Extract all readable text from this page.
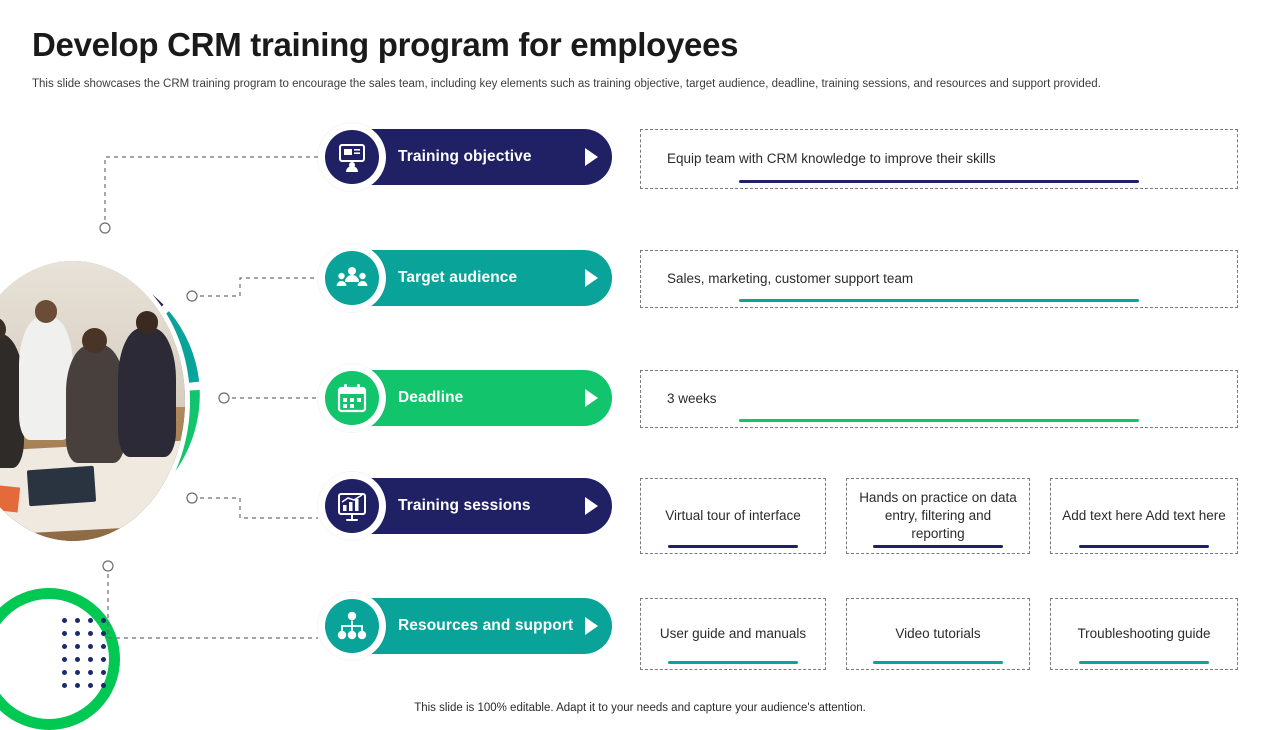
Develop CRM training program for employees
This slide showcases the CRM training program to encourage the sales team, including key elements such as training objective, target audience, deadline, training sessions, and resources and support provided.
Training objective
Target audience
Deadline
Training sessions
Resources and support
This slide is 100% editable. Adapt it to your needs and capture your audience's attention.
Equip team with CRM knowledge to improve their skills
Sales, marketing, customer support team
3 weeks
Virtual tour of interface
Hands on practice on data entry, filtering and reporting
Add text here Add text here
User guide and manuals	Video tutorials	Troubleshooting guide
